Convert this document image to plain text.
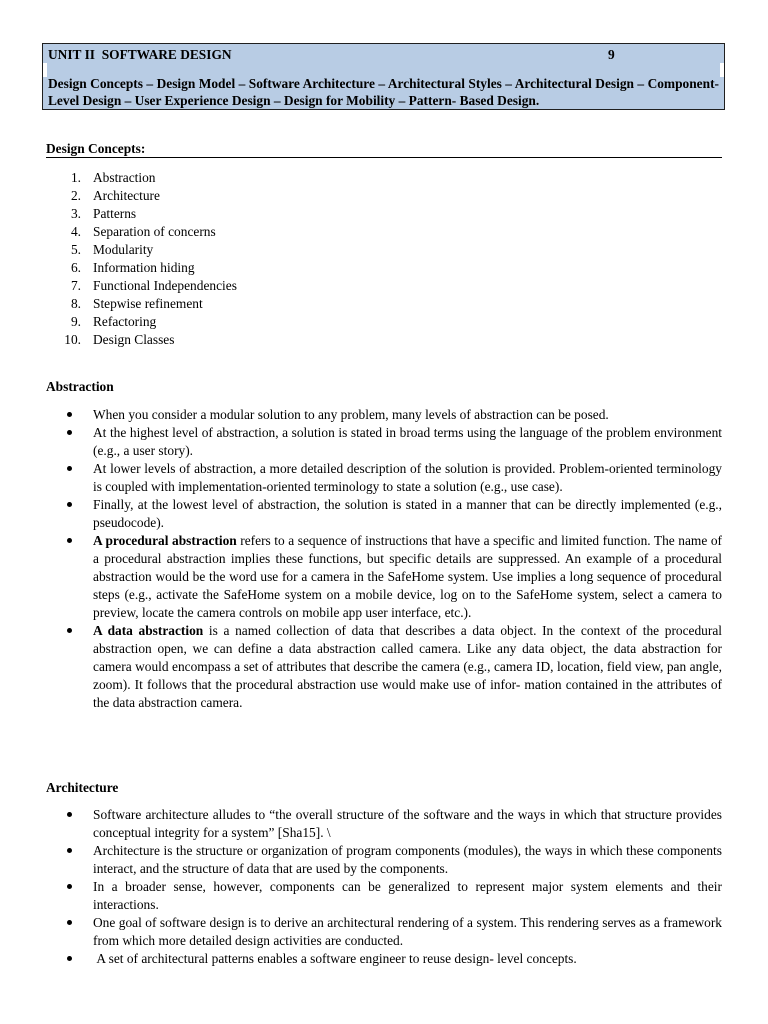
UNIT II  SOFTWARE DESIGN	9
Design Concepts – Design Model – Software Architecture – Architectural Styles – Architectural Design – Component-Level Design – User Experience Design – Design for Mobility – Pattern- Based Design.
Design Concepts:
1. Abstraction
2. Architecture
3. Patterns
4. Separation of concerns
5. Modularity
6. Information hiding
7. Functional Independencies
8. Stepwise refinement
9. Refactoring
10. Design Classes
Abstraction
When you consider a modular solution to any problem, many levels of abstraction can be posed.
At the highest level of abstraction, a solution is stated in broad terms using the language of the problem environment (e.g., a user story).
At lower levels of abstraction, a more detailed description of the solution is provided. Problem-oriented terminology is coupled with implementation-oriented terminology to state a solution (e.g., use case).
Finally, at the lowest level of abstraction, the solution is stated in a manner that can be directly implemented (e.g., pseudocode).
A procedural abstraction refers to a sequence of instructions that have a specific and limited function. The name of a procedural abstraction implies these functions, but specific details are suppressed. An example of a procedural abstraction would be the word use for a camera in the SafeHome system. Use implies a long sequence of procedural steps (e.g., activate the SafeHome system on a mobile device, log on to the SafeHome system, select a camera to preview, locate the camera controls on mobile app user interface, etc.).
A data abstraction is a named collection of data that describes a data object. In the context of the procedural abstraction open, we can define a data abstraction called camera. Like any data object, the data abstraction for camera would encompass a set of attributes that describe the camera (e.g., camera ID, location, field view, pan angle, zoom). It follows that the procedural abstraction use would make use of infor- mation contained in the attributes of the data abstraction camera.
Architecture
Software architecture alludes to “the overall structure of the software and the ways in which that structure provides conceptual integrity for a system” [Sha15]. \
Architecture is the structure or organization of program components (modules), the ways in which these components interact, and the structure of data that are used by the components.
In a broader sense, however, components can be generalized to represent major system elements and their interactions.
One goal of software design is to derive an architectural rendering of a system. This rendering serves as a framework from which more detailed design activities are conducted.
A set of architectural patterns enables a software engineer to reuse design- level concepts.
